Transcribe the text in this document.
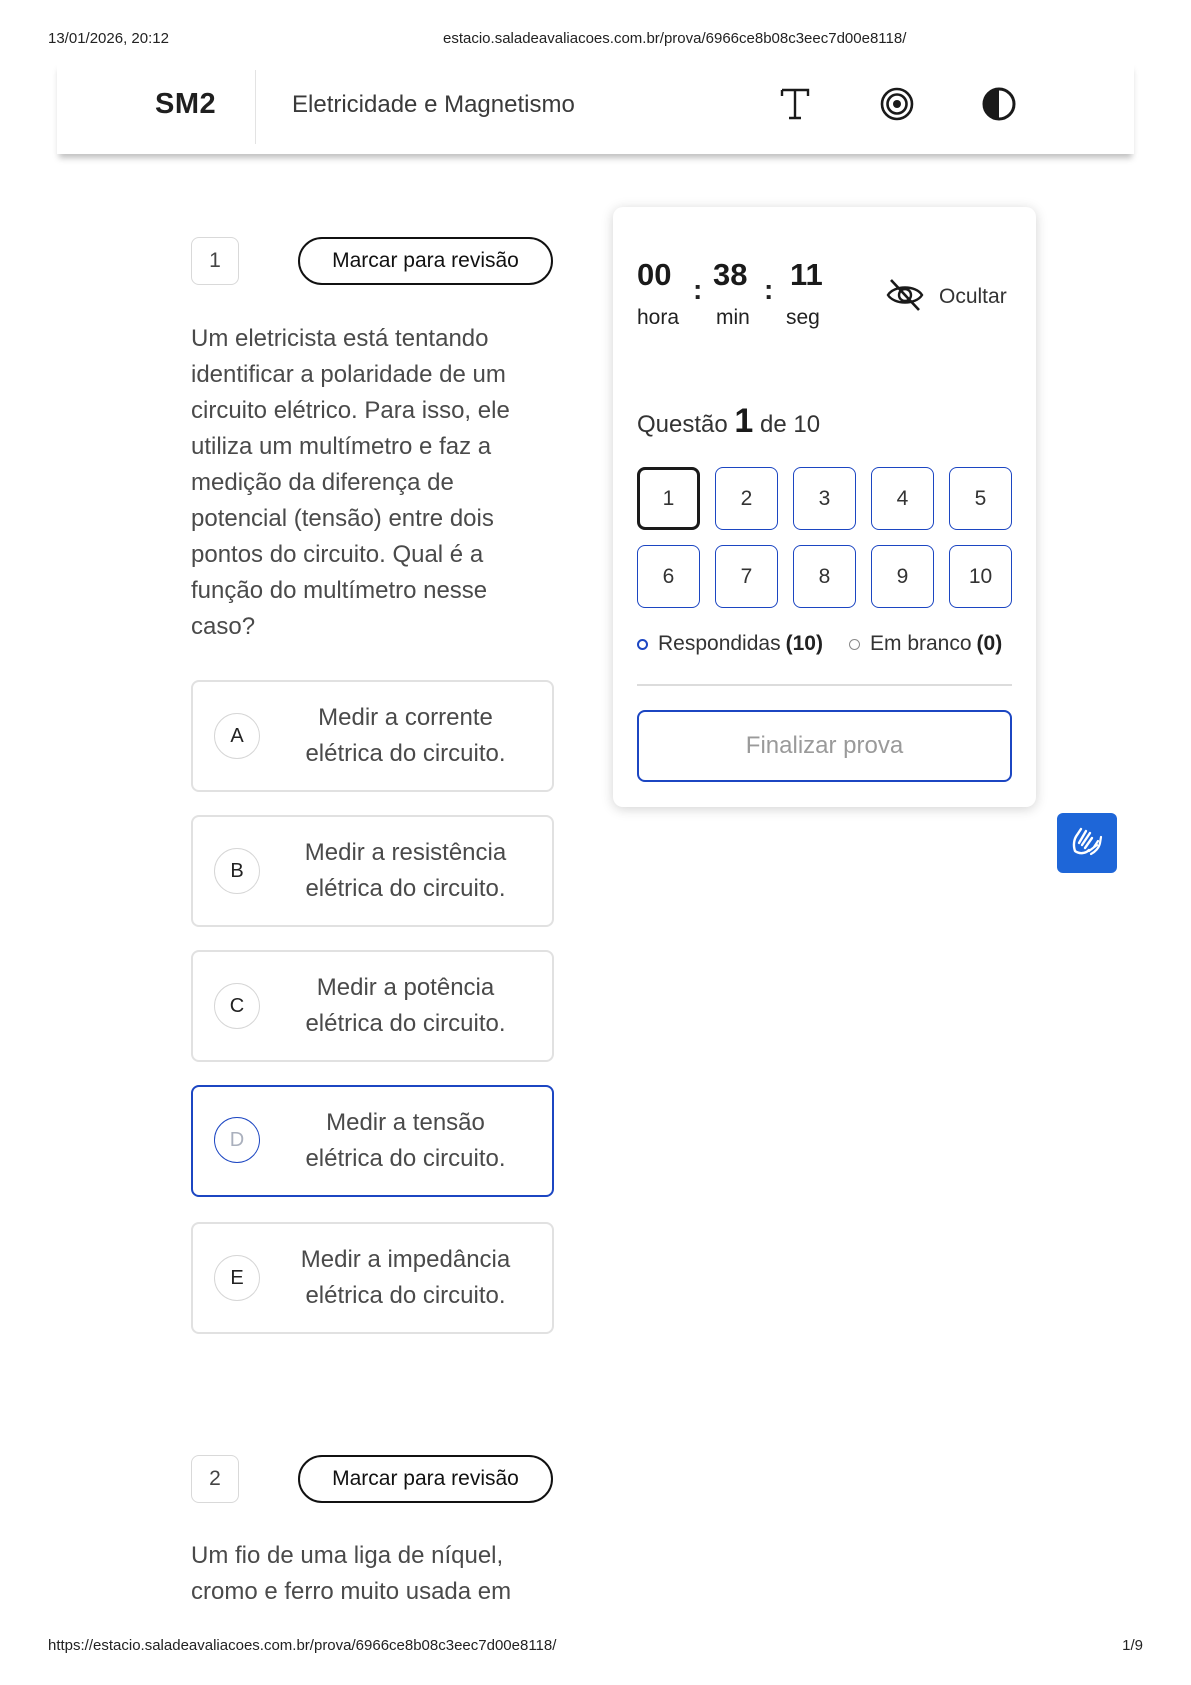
13/01/2026, 20:12	estacio.saladeavaliacoes.com.br/prova/6966ce8b08c3eec7d00e8118/
https://estacio.saladeavaliacoes.com.br/prova/6966ce8b08c3eec7d00e8118/	1/9
SM2	Eletricidade e Magnetismo
1	Marcar para revisão
Um eletricista está tentando identificar a polaridade de um circuito elétrico. Para isso, ele utiliza um multímetro e faz a medição da diferença de potencial (tensão) entre dois pontos do circuito. Qual é a função do multímetro nesse caso?
A
Medir a corrente elétrica do circuito.
B
Medir a resistência elétrica do circuito.
C
Medir a potência elétrica do circuito.
D
Medir a tensão elétrica do circuito.
E
Medir a impedância elétrica do circuito.
2	Marcar para revisão
Um fio de uma liga de níquel, cromo e ferro muito usada em
00 : 38 : 11
hora min seg
Ocultar
Questão 1 de 10
1	2	3	4	5
6	7	8	9	10
Respondidas (10) Em branco (0)
Finalizar prova
